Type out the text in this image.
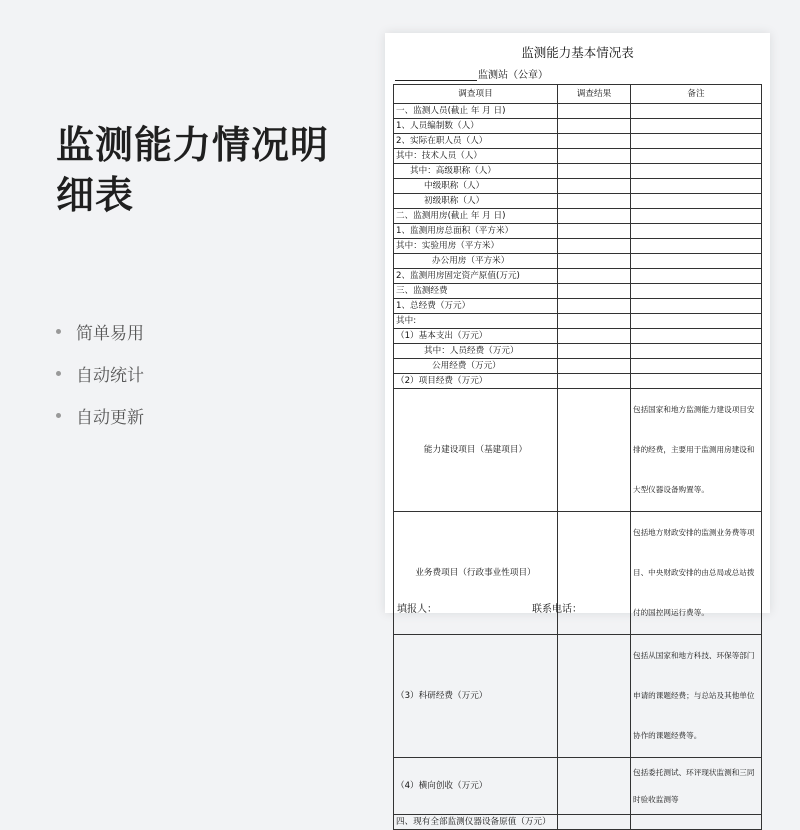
监测能力情况明细表
简单易用
自动统计
自动更新
监测能力基本情况表
监测站（公章）
调查项目	调查结果	备注
一、监测人员(截止 年 月 日)		
1、人员编制数（人）		
2、实际在职人员（人）		
其中：技术人员（人）		
其中：高级职称（人）		
中级职称（人）		
初级职称（人）		
二、监测用房(截止 年 月 日)		
1、监测用房总面积（平方米）		
其中：实验用房（平方米）		
办公用房（平方米）		
2、监测用房固定资产原值(万元)		
三、监测经费		
1、总经费（万元）		
其中:		
（1）基本支出（万元）		
其中：人员经费（万元）		
公用经费（万元）		
（2）项目经费（万元）		
能力建设项目（基建项目）		包括国家和地方监测能力建设项目安排的经费，主要用于监测用房建设和大型仪器设备购置等。
业务费项目（行政事业性项目）		包括地方财政安排的监测业务费等项目、中央财政安排的由总局或总站拨付的国控网运行费等。
（3）科研经费（万元）		包括从国家和地方科技、环保等部门申请的课题经费；与总站及其他单位协作的课题经费等。
（4）横向创收（万元）		包括委托测试、环评现状监测和三同时验收监测等
四、现有全部监测仪器设备原值（万元）		
填报人：	联系电话：
